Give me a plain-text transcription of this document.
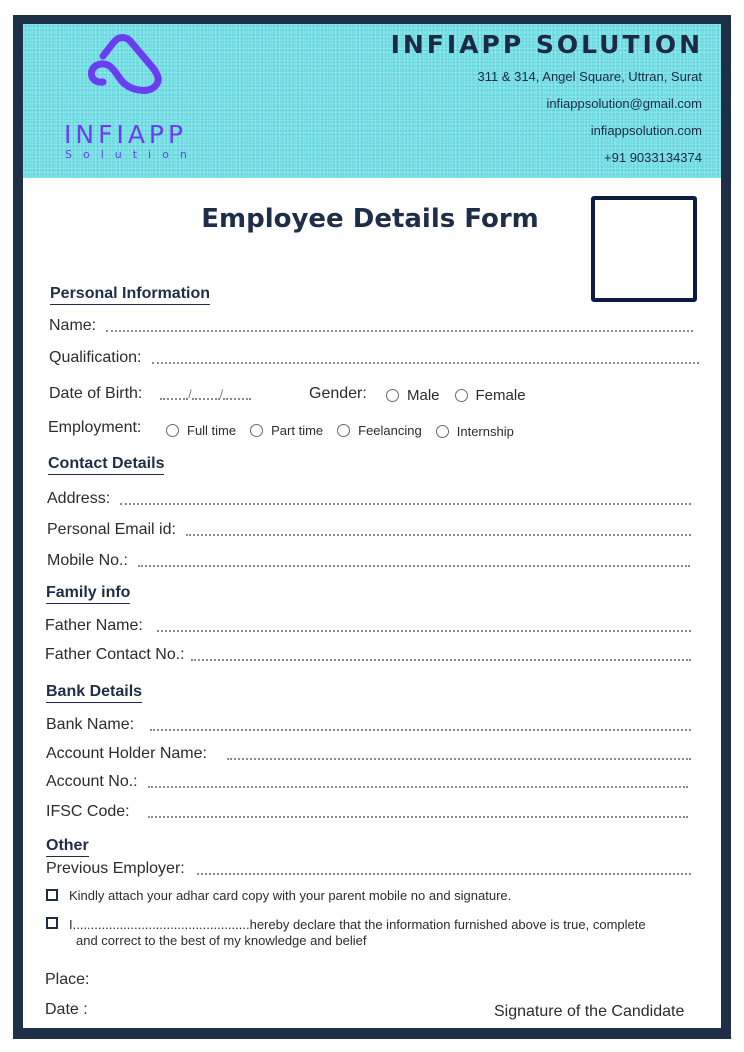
INFIAPP
Solution
INFIAPP SOLUTION
311 & 314, Angel Square, Uttran, Surat
infiappsolution@gmail.com
infiappsolution.com
+91 9033134374
Employee Details Form
Personal Information
Name:
Qualification:
Date of Birth:	/ /	Gender:	Male Female
Employment:	Full time	Part time	Feelancing	Internship
Contact Details
Address:
Personal Email id:
Mobile No.:
Family info
Father Name:
Father Contact No.:
Bank Details
Bank Name:
Account Holder Name:
Account No.:
IFSC Code:
Other
Previous Employer:
Kindly attach your adhar card copy with your parent mobile no and signature.
I.................................................hereby declare that the information furnished above is true, complete
and correct to the best of my knowledge and belief
Place:
Date :	Signature of the Candidate
